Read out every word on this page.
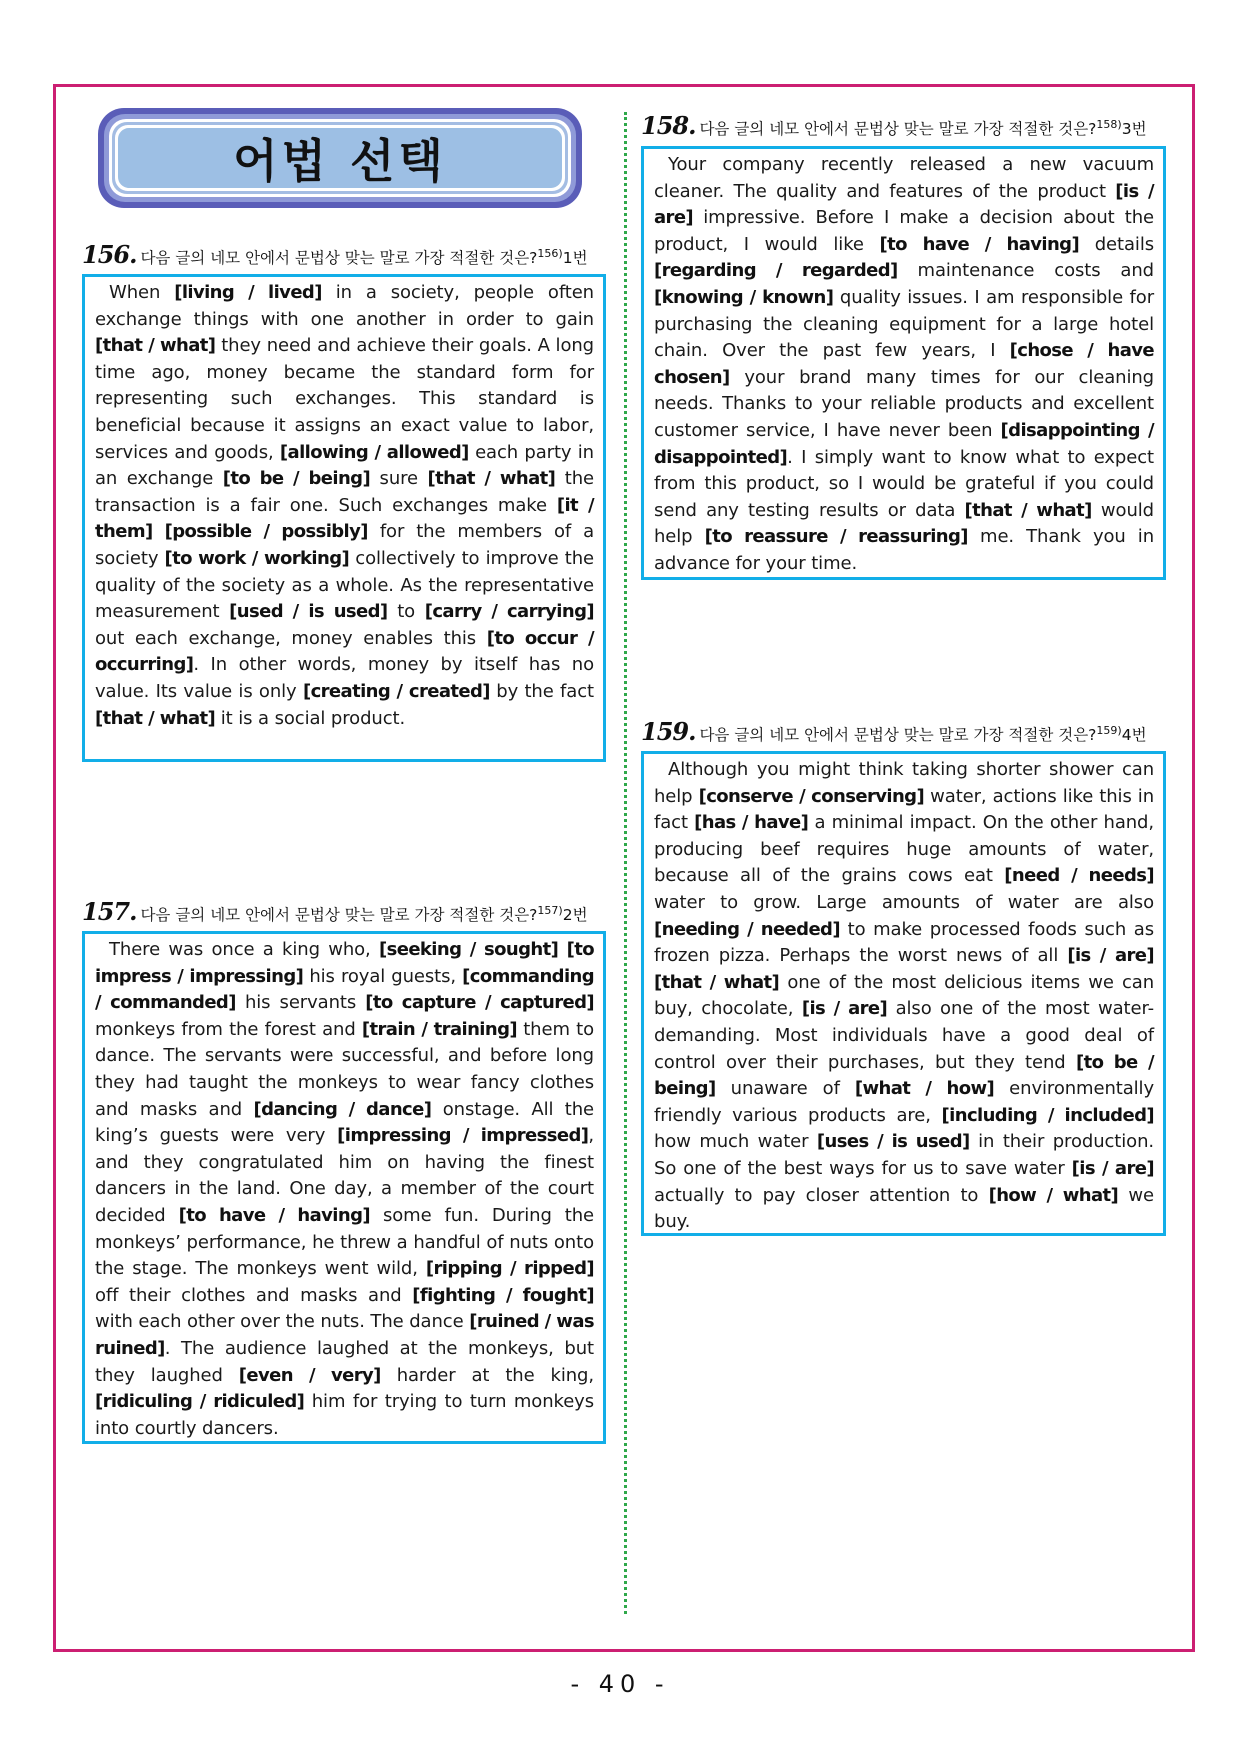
어법 선택
156. 다음 글의 네모 안에서 문법상 맞는 말로 가장 적절한 것은?$^{156)}$1번

When [living / lived] in a society, people often exchange things with one another in order to gain [that / what] they need and achieve their goals. A long time ago, money became the standard form for representing such exchanges. This standard is beneficial because it assigns an exact value to labor, services and goods, [allowing / allowed] each party in an exchange [to be / being] sure [that / what] the transaction is a fair one. Such exchanges make [it / them] [possible / possibly] for the members of a society [to work / working] collectively to improve the quality of the society as a whole. As the representative measurement [used / is used] to [carry / carrying] out each exchange, money enables this [to occur / occurring]. In other words, money by itself has no value. Its value is only [creating / created] by the fact [that / what] it is a social product.

157. 다음 글의 네모 안에서 문법상 맞는 말로 가장 적절한 것은?$^{157)}$2번

There was once a king who, [seeking / sought] [to impress / impressing] his royal guests, [commanding / commanded] his servants [to capture / captured] monkeys from the forest and [train / training] them to dance. The servants were successful, and before long they had taught the monkeys to wear fancy clothes and masks and [dancing / dance] onstage. All the king’s guests were very [impressing / impressed], and they congratulated him on having the finest dancers in the land. One day, a member of the court decided [to have / having] some fun. During the monkeys’ performance, he threw a handful of nuts onto the stage. The monkeys went wild, [ripping / ripped] off their clothes and masks and [fighting / fought] with each other over the nuts. The dance [ruined / was ruined]. The audience laughed at the monkeys, but they laughed [even / very] harder at the king, [ridiculing / ridiculed] him for trying to turn monkeys into courtly dancers.

158. 다음 글의 네모 안에서 문법상 맞는 말로 가장 적절한 것은?$^{158)}$3번

Your company recently released a new vacuum cleaner. The quality and features of the product [is / are] impressive. Before I make a decision about the product, I would like [to have / having] details [regarding / regarded] maintenance costs and [knowing / known] quality issues. I am responsible for purchasing the cleaning equipment for a large hotel chain. Over the past few years, I [chose / have chosen] your brand many times for our cleaning needs. Thanks to your reliable products and excellent customer service, I have never been [disappointing / disappointed]. I simply want to know what to expect from this product, so I would be grateful if you could send any testing results or data [that / what] would help [to reassure / reassuring] me. Thank you in advance for your time.

159. 다음 글의 네모 안에서 문법상 맞는 말로 가장 적절한 것은?$^{159)}$4번

Although you might think taking shorter shower can help [conserve / conserving] water, actions like this in fact [has / have] a minimal impact. On the other hand, producing beef requires huge amounts of water, because all of the grains cows eat [need / needs] water to grow. Large amounts of water are also [needing / needed] to make processed foods such as frozen pizza. Perhaps the worst news of all [is / are] [that / what] one of the most delicious items we can buy, chocolate, [is / are] also one of the most water-demanding. Most individuals have a good deal of control over their purchases, but they tend [to be / being] unaware of [what / how] environmentally friendly various products are, [including / included] how much water [uses / is used] in their production. So one of the best ways for us to save water [is / are] actually to pay closer attention to [how / what] we buy.

- 40 -
